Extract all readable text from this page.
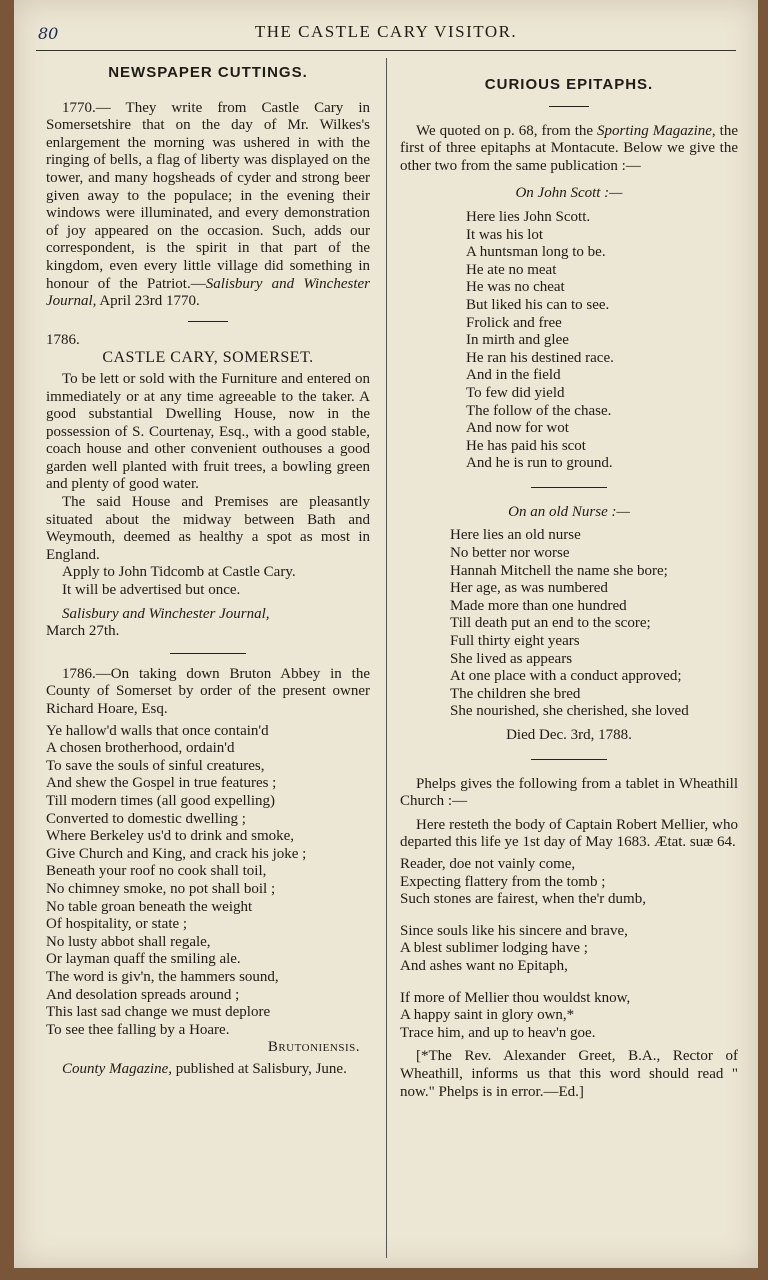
80	THE CASTLE CARY VISITOR.

NEWSPAPER CUTTINGS.

1770.— They write from Castle Cary in Somersetshire that on the day of Mr. Wilkes's enlargement the morning was ushered in with the ringing of bells, a flag of liberty was displayed on the tower, and many hogsheads of cyder and strong beer given away to the populace; in the evening their windows were illuminated, and every demonstration of joy appeared on the occasion. Such, adds our correspondent, is the spirit in that part of the kingdom, even every little village did something in honour of the Patriot.—Salisbury and Winchester Journal, April 23rd 1770.

1786.

CASTLE CARY, SOMERSET.

To be lett or sold with the Furniture and entered on immediately or at any time agreeable to the taker. A good substantial Dwelling House, now in the possession of S. Courtenay, Esq., with a good stable, coach house and other convenient outhouses a good garden well planted with fruit trees, a bowling green and plenty of good water.

The said House and Premises are pleasantly situated about the midway between Bath and Weymouth, deemed as healthy a spot as most in England.

Apply to John Tidcomb at Castle Cary.

It will be advertised but once.

Salisbury and Winchester Journal,

March 27th.

1786.—On taking down Bruton Abbey in the County of Somerset by order of the present owner Richard Hoare, Esq.

Ye hallow'd walls that once contain'd
A chosen brotherhood, ordain'd
To save the souls of sinful creatures,
And shew the Gospel in true features ;
Till modern times (all good expelling)
Converted to domestic dwelling ;
Where Berkeley us'd to drink and smoke,
Give Church and King, and crack his joke ;
Beneath your roof no cook shall toil,
No chimney smoke, no pot shall boil ;
No table groan beneath the weight
Of hospitality, or state ;
No lusty abbot shall regale,
Or layman quaff the smiling ale.
The word is giv'n, the hammers sound,
And desolation spreads around ;
This last sad change we must deplore
To see thee falling by a Hoare.

Brutoniensis.

County Magazine, published at Salisbury, June.

CURIOUS EPITAPHS.

We quoted on p. 68, from the Sporting Magazine, the first of three epitaphs at Montacute. Below we give the other two from the same publication :—

On John Scott :—

Here lies John Scott.
It was his lot
A huntsman long to be.
He ate no meat
He was no cheat
But liked his can to see.
Frolick and free
In mirth and glee
He ran his destined race.
And in the field
To few did yield
The follow of the chase.
And now for wot
He has paid his scot
And he is run to ground.

On an old Nurse :—

Here lies an old nurse
No better nor worse
Hannah Mitchell the name she bore;
Her age, as was numbered
Made more than one hundred
Till death put an end to the score;
Full thirty eight years
She lived as appears
At one place with a conduct approved;
The children she bred
She nourished, she cherished, she loved

Died Dec. 3rd, 1788.

Phelps gives the following from a tablet in Wheathill Church :—

Here resteth the body of Captain Robert Mellier, who departed this life ye 1st day of May 1683. Ætat. suæ 64.

Reader, doe not vainly come,
Expecting flattery from the tomb ;
Such stones are fairest, when the'r dumb,
Since souls like his sincere and brave,
A blest sublimer lodging have ;
And ashes want no Epitaph,
If more of Mellier thou wouldst know,
A happy saint in glory own,*
Trace him, and up to heav'n goe.

[*The Rev. Alexander Greet, B.A., Rector of Wheathill, informs us that this word should read " now." Phelps is in error.—Ed.]
